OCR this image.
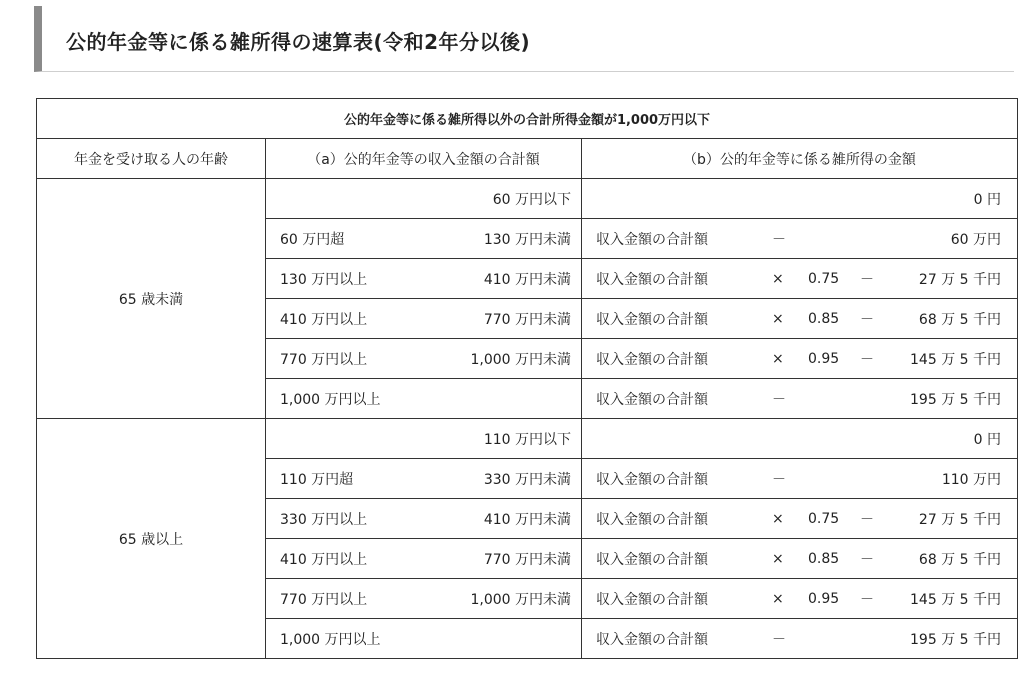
公的年金等に係る雑所得の速算表(令和2年分以後)
公的年金等に係る雑所得以外の合計所得金額が1,000万円以下		
年金を受け取る人の年齢	（a）公的年金等の収入金額の合計額	（b）公的年金等に係る雑所得の金額
65 歳未満	60 万円以下	0 円

	60 万円超 130 万円未満	収入金額の合計額 － 60 万円

	130 万円以上 410 万円未満	収入金額の合計額 × 0.75 － 27 万 5 千円

	410 万円以上 770 万円未満	収入金額の合計額 × 0.85 － 68 万 5 千円

	770 万円以上 1,000 万円未満	収入金額の合計額 × 0.95 － 145 万 5 千円

	1,000 万円以上	収入金額の合計額 － 195 万 5 千円

65 歳以上	110 万円以下	0 円

	110 万円超 330 万円未満	収入金額の合計額 － 110 万円

	330 万円以上 410 万円未満	収入金額の合計額 × 0.75 － 27 万 5 千円

	410 万円以上 770 万円未満	収入金額の合計額 × 0.85 － 68 万 5 千円

	770 万円以上 1,000 万円未満	収入金額の合計額 × 0.95 － 145 万 5 千円

	1,000 万円以上	収入金額の合計額 － 195 万 5 千円
